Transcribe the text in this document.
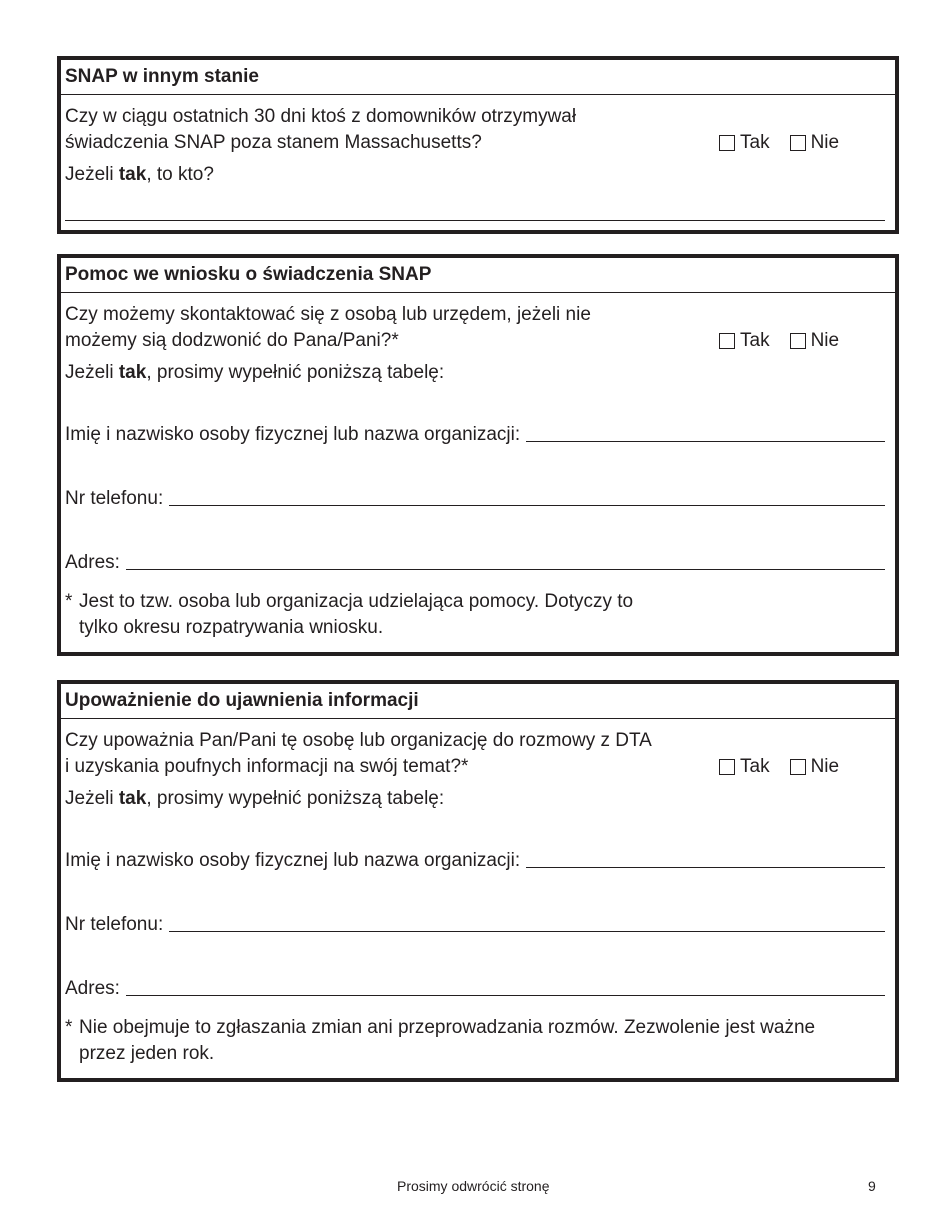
SNAP w innym stanie
Czy w ciągu ostatnich 30 dni ktoś z domowników otrzymywał
świadczenia SNAP poza stanem Massachusetts?	Tak Nie
Jeżeli tak, to kto?
Pomoc we wniosku o świadczenia SNAP
Czy możemy skontaktować się z osobą lub urzędem, jeżeli nie
możemy sią dodzwonić do Pana/Pani?*	Tak Nie
Jeżeli tak, prosimy wypełnić poniższą tabelę:
Imię i nazwisko osoby fizycznej lub nazwa organizacji:
Nr telefonu:
Adres:
* Jest to tzw. osoba lub organizacja udzielająca pomocy. Dotyczy to
tylko okresu rozpatrywania wniosku.
Upoważnienie do ujawnienia informacji
Czy upoważnia Pan/Pani tę osobę lub organizację do rozmowy z DTA
i uzyskania poufnych informacji na swój temat?*	Tak Nie
Jeżeli tak, prosimy wypełnić poniższą tabelę:
Imię i nazwisko osoby fizycznej lub nazwa organizacji:
Nr telefonu:
Adres:
* Nie obejmuje to zgłaszania zmian ani przeprowadzania rozmów. Zezwolenie jest ważne
przez jeden rok.
Prosimy odwrócić stronę	9
